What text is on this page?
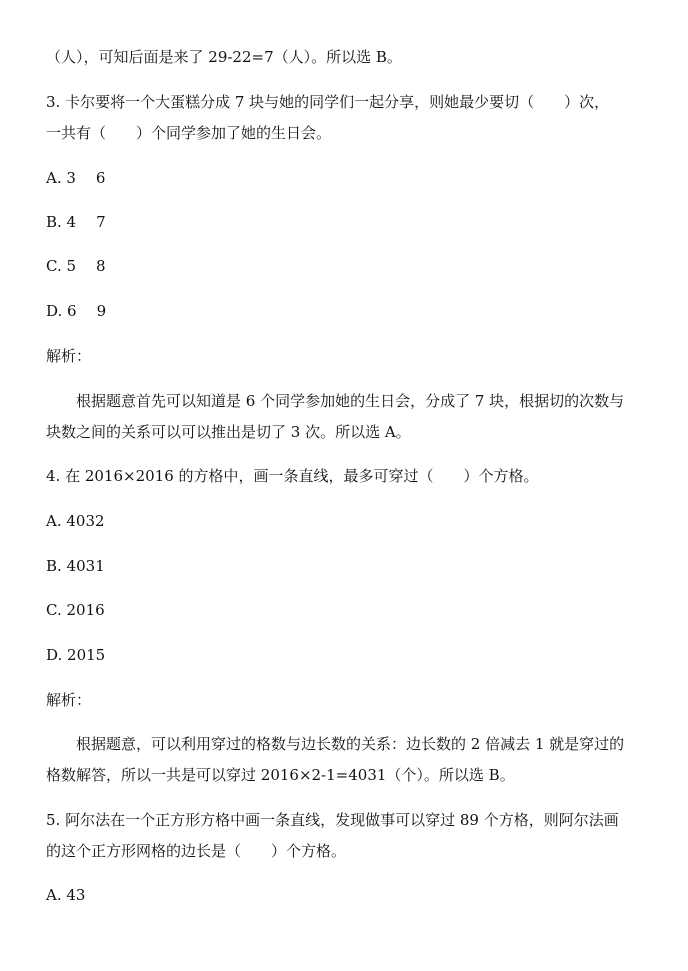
（人），可知后面是来了 29-22=7（人）。所以选 B。
3. 卡尔要将一个大蛋糕分成 7 块与她的同学们一起分享，则她最少要切（　　）次，
一共有（　　）个同学参加了她的生日会。
A. 3 6
B. 4 7
C. 5 8
D. 6 9
解析：
根据题意首先可以知道是 6 个同学参加她的生日会，分成了 7 块，根据切的次数与
块数之间的关系可以可以推出是切了 3 次。所以选 A。
4. 在 2016×2016 的方格中，画一条直线，最多可穿过（　　）个方格。
A. 4032
B. 4031
C. 2016
D. 2015
解析：
根据题意，可以利用穿过的格数与边长数的关系：边长数的 2 倍减去 1 就是穿过的
格数解答，所以一共是可以穿过 2016×2-1=4031（个）。所以选 B。
5. 阿尔法在一个正方形方格中画一条直线，发现做事可以穿过 89 个方格，则阿尔法画
的这个正方形网格的边长是（　　）个方格。
A. 43
